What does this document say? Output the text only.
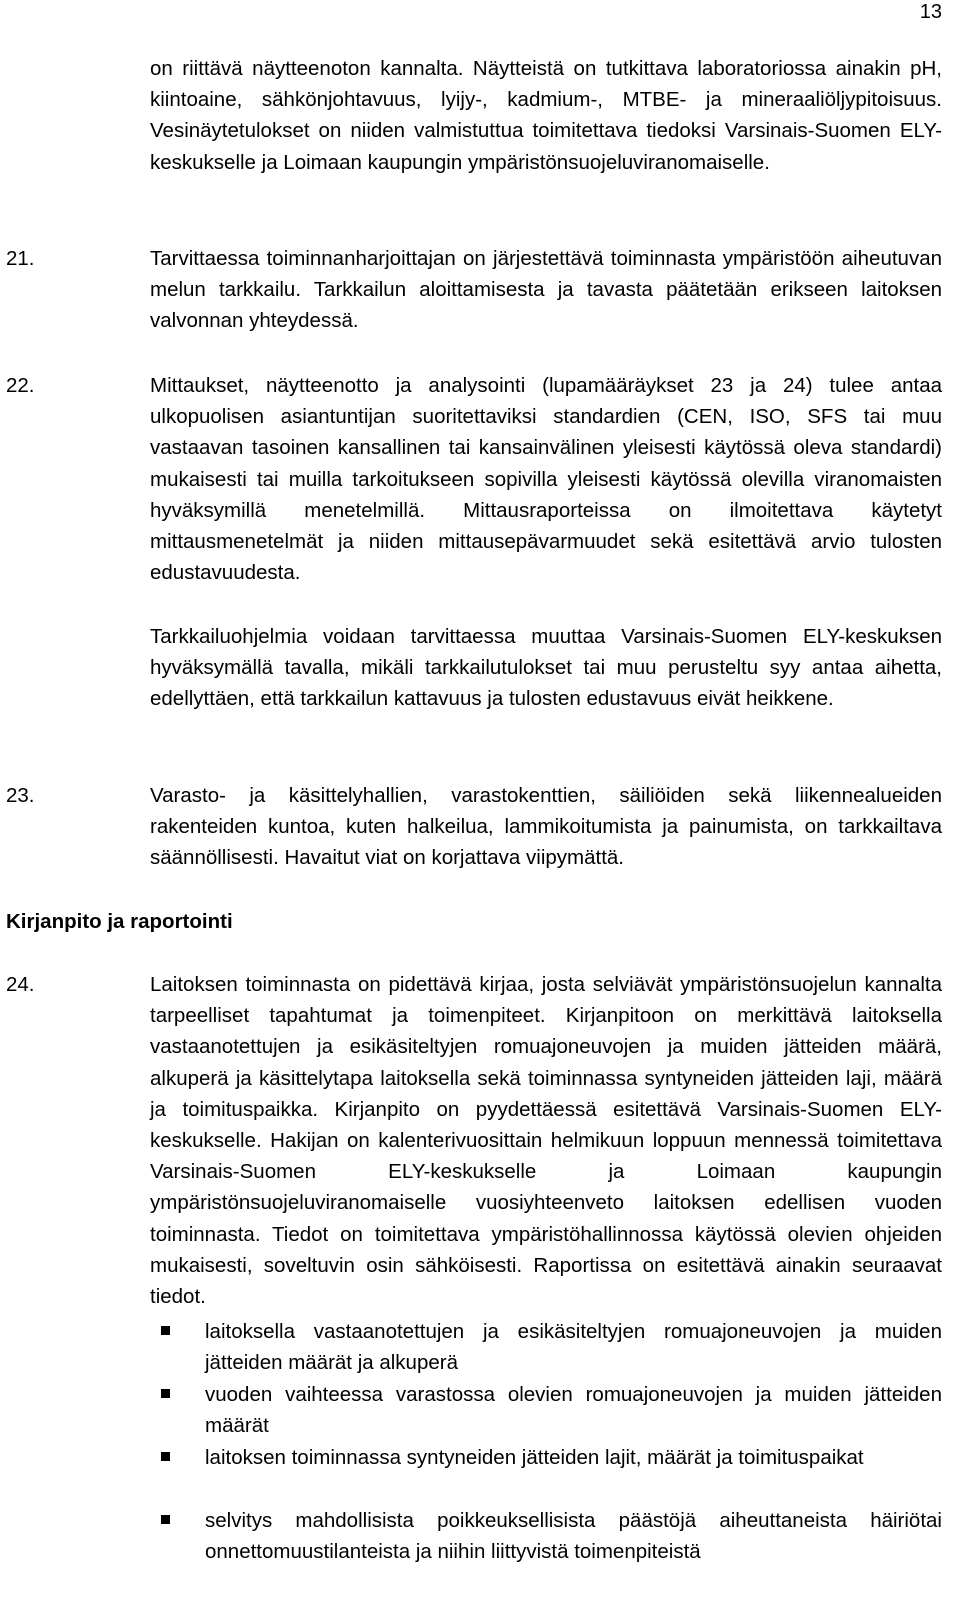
13

on riittävä näytteenoton kannalta. Näytteistä on tutkittava laboratoriossa ainakin pH, kiintoaine, sähkönjohtavuus, lyijy-, kadmium-, MTBE- ja mineraaliöljypitoisuus. Vesinäytetulokset on niiden valmistuttua toimitettava tiedoksi Varsinais-Suomen ELY-keskukselle ja Loimaan kaupungin ympäristönsuojeluviranomaiselle.

21.	Tarvittaessa toiminnanharjoittajan on järjestettävä toiminnasta ympäristöön aiheutuvan melun tarkkailu. Tarkkailun aloittamisesta ja tavasta päätetään erikseen laitoksen valvonnan yhteydessä.

22.	Mittaukset, näytteenotto ja analysointi (lupamääräykset 23 ja 24) tulee antaa ulkopuolisen asiantuntijan suoritettaviksi standardien (CEN, ISO, SFS tai muu vastaavan tasoinen kansallinen tai kansainvälinen yleisesti käytössä oleva standardi) mukaisesti tai muilla tarkoitukseen sopivilla yleisesti käytössä olevilla viranomaisten hyväksymillä menetelmillä. Mittausraporteissa on ilmoitettava käytetyt mittausmenetelmät ja niiden mittausepävarmuudet sekä esitettävä arvio tulosten edustavuudesta.

Tarkkailuohjelmia voidaan tarvittaessa muuttaa Varsinais-Suomen ELY-keskuksen hyväksymällä tavalla, mikäli tarkkailutulokset tai muu perusteltu syy antaa aihetta, edellyttäen, että tarkkailun kattavuus ja tulosten edustavuus eivät heikkene.

23.	Varasto- ja käsittelyhallien, varastokenttien, säiliöiden sekä liikennealueiden rakenteiden kuntoa, kuten halkeilua, lammikoitumista ja painumista, on tarkkailtava säännöllisesti. Havaitut viat on korjattava viipymättä.

Kirjanpito ja raportointi
24.	Laitoksen toiminnasta on pidettävä kirjaa, josta selviävät ympäristönsuojelun kannalta tarpeelliset tapahtumat ja toimenpiteet. Kirjanpitoon on merkittävä laitoksella vastaanotettujen ja esikäsiteltyjen romuajoneuvojen ja muiden jätteiden määrä, alkuperä ja käsittelytapa laitoksella sekä toiminnassa syntyneiden jätteiden laji, määrä ja toimituspaikka. Kirjanpito on pyydettäessä esitettävä Varsinais-Suomen ELY-keskukselle. Hakijan on kalenterivuosittain helmikuun loppuun mennessä toimitettava Varsinais-Suomen ELY-keskukselle ja Loimaan kaupungin ympäristönsuojeluviranomaiselle vuosiyhteenveto laitoksen edellisen vuoden toiminnasta. Tiedot on toimitettava ympäristöhallinnossa käytössä olevien ohjeiden mukaisesti, soveltuvin osin sähköisesti. Raportissa on esitettävä ainakin seuraavat tiedot.

laitoksella vastaanotettujen ja esikäsiteltyjen romuajoneuvojen ja muiden jätteiden määrät ja alkuperä
vuoden vaihteessa varastossa olevien romuajoneuvojen ja muiden jätteiden määrät
laitoksen toiminnassa syntyneiden jätteiden lajit, määrät ja toimituspaikat
selvitys mahdollisista poikkeuksellisista päästöjä aiheuttaneista häiriötai onnettomuustilanteista ja niihin liittyvistä toimenpiteistä
